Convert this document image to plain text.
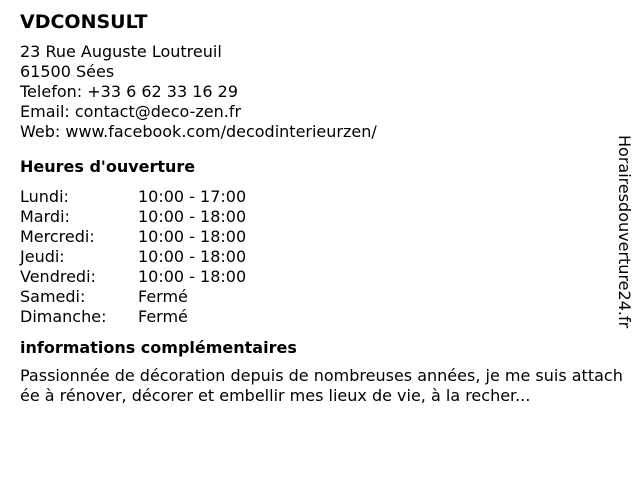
VDCONSULT
23 Rue Auguste Loutreuil
61500 Sées
Telefon: +33 6 62 33 16 29
Email: contact@deco-zen.fr
Web: www.facebook.com/decodinterieurzen/
Heures d'ouverture
Lundi:	10:00 - 17:00
Mardi:	10:00 - 18:00
Mercredi:	10:00 - 18:00
Jeudi:	10:00 - 18:00
Vendredi:	10:00 - 18:00
Samedi:	Fermé
Dimanche:	Fermé
informations complémentaires
Passionnée de décoration depuis de nombreuses années, je me suis attachée à rénover, décorer et embellir mes lieux de vie, à la recher...
Horairesdouverture24.fr
